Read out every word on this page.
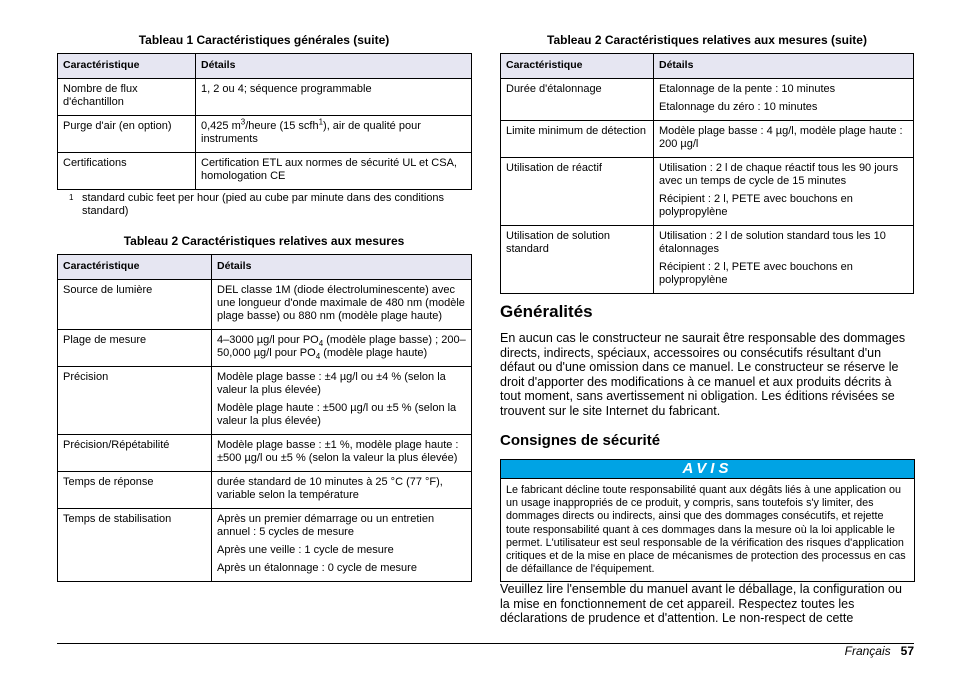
Tableau 1 Caractéristiques générales (suite)
Caractéristique	Détails
Nombre de flux d'échantillon	1, 2 ou 4; séquence programmable
Purge d'air (en option)	0,425 $m^3$/heure (15 scfh$^1$), air de qualité pour instruments
Certifications	Certification ETL aux normes de sécurité UL et CSA, homologation CE
1 standard cubic feet per hour (pied au cube par minute dans des conditions standard)
Tableau 2 Caractéristiques relatives aux mesures
Caractéristique	Détails
Source de lumière	DEL classe 1M (diode électroluminescente) avec une longueur d'onde maximale de 480 nm (modèle plage basse) ou 880 nm (modèle plage haute)
Plage de mesure	4–3000 µg/l pour $PO_4$ (modèle plage basse) ; 200–50,000 µg/l pour $PO_4$ (modèle plage haute)
Précision	Modèle plage basse : ±4 µg/l ou ±4 % (selon la valeur la plus élevée)

Modèle plage haute : ±500 µg/l ou ±5 % (selon la valeur la plus élevée)

Précision/Répétabilité	Modèle plage basse : ±1 %, modèle plage haute : ±500 µg/l ou ±5 % (selon la valeur la plus élevée)
Temps de réponse	durée standard de 10 minutes à 25 °C (77 °F), variable selon la température
Temps de stabilisation	Après un premier démarrage ou un entretien annuel : 5 cycles de mesure

Après une veille : 1 cycle de mesure

Après un étalonnage : 0 cycle de mesure

Tableau 2 Caractéristiques relatives aux mesures (suite)
Caractéristique	Détails
Durée d'étalonnage	Etalonnage de la pente : 10 minutes

Etalonnage du zéro : 10 minutes

Limite minimum de détection	Modèle plage basse : 4 µg/l, modèle plage haute : 200 µg/l
Utilisation de réactif	Utilisation : 2 l de chaque réactif tous les 90 jours avec un temps de cycle de 15 minutes

Récipient : 2 l, PETE avec bouchons en polypropylène

Utilisation de solution standard	Utilisation : 2 l de solution standard tous les 10 étalonnages

Récipient : 2 l, PETE avec bouchons en polypropylène

Généralités

En aucun cas le constructeur ne saurait être responsable des dommages directs, indirects, spéciaux, accessoires ou consécutifs résultant d'un défaut ou d'une omission dans ce manuel. Le constructeur se réserve le droit d'apporter des modifications à ce manuel et aux produits décrits à tout moment, sans avertissement ni obligation. Les éditions révisées se trouvent sur le site Internet du fabricant.

Consignes de sécurité
AVIS
Le fabricant décline toute responsabilité quant aux dégâts liés à une application ou un usage inappropriés de ce produit, y compris, sans toutefois s'y limiter, des dommages directs ou indirects, ainsi que des dommages consécutifs, et rejette toute responsabilité quant à ces dommages dans la mesure où la loi applicable le permet. L'utilisateur est seul responsable de la vérification des risques d'application critiques et de la mise en place de mécanismes de protection des processus en cas de défaillance de l'équipement.

Veuillez lire l'ensemble du manuel avant le déballage, la configuration ou la mise en fonctionnement de cet appareil. Respectez toutes les déclarations de prudence et d'attention. Le non-respect de cette

Français 57
